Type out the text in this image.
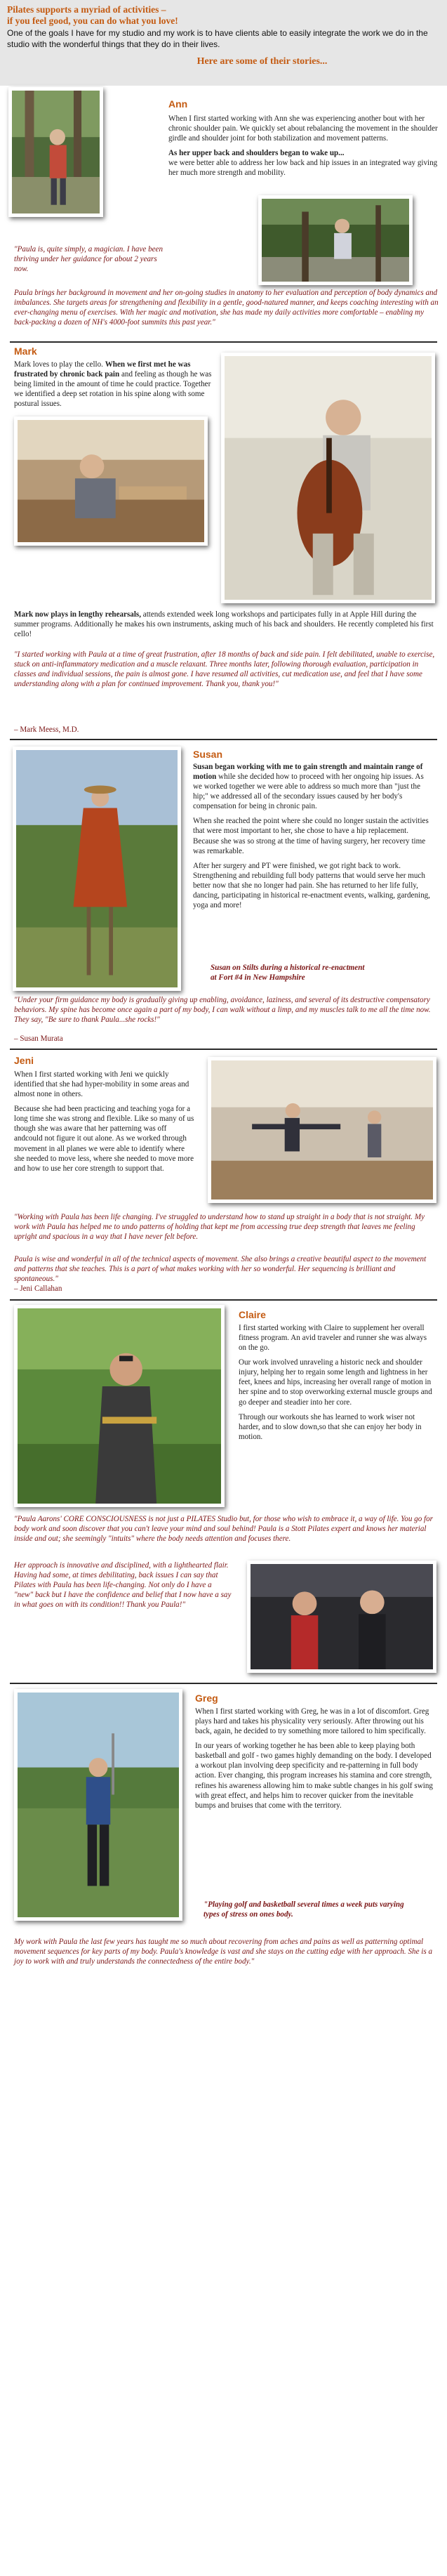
Pilates supports a myriad of activities –
if you feel good, you can do what you love!
One of the goals I have for my studio and my work is to have clients able to easily integrate the work we do in the studio with the wonderful things that they do in their lives.
Here are some of their stories...
Ann

When I first started working with Ann she was experiencing another bout with her chronic shoulder pain. We quickly set about rebalancing the movement in the shoulder girdle and shoulder joint for both stabilization and movement patterns.

As her upper back and shoulders began to wake up...
we were better able to address her low back and hip issues in an integrated way giving her much more strength and mobility.

"Paula is, quite simply, a magician. I have been thriving under her guidance for about 2 years now.
Paula brings her background in movement and her on-going studies in anatomy to her evaluation and perception of body dynamics and imbalances. She targets areas for strengthening and flexibility in a gentle, good-natured manner, and keeps coaching interesting with an ever-changing menu of exercises. With her magic and motivation, she has made my daily activities more comfortable – enabling my back-packing a dozen of NH's 4000-foot summits this past year."
Mark
Mark loves to play the cello. When we first met he was frustrated by chronic back pain and feeling as though he was being limited in the amount of time he could practice. Together we identified a deep set rotation in his spine along with some postural issues.
Mark now plays in lengthy rehearsals, attends extended week long workshops and participates fully in at Apple Hill during the summer programs. Additionally he makes his own instruments, asking much of his back and shoulders. He recently completed his first cello!
"I started working with Paula at a time of great frustration, after 18 months of back and side pain. I felt debilitated, unable to exercise, stuck on anti-inflammatory medication and a muscle relaxant. Three months later, following thorough evaluation, participation in classes and individual sessions, the pain is almost gone. I have resumed all activities, cut medication use, and feel that I have some understanding along with a plan for continued improvement. Thank you, thank you!"
– Mark Meess, M.D.
Susan

Susan began working with me to gain strength and maintain range of motion while she decided how to proceed with her ongoing hip issues. As we worked together we were able to address so much more than "just the hip;" we addressed all of the secondary issues caused by her body's compensation for being in chronic pain.

When she reached the point where she could no longer sustain the activities that were most important to her, she chose to have a hip replacement. Because she was so strong at the time of having surgery, her recovery time was remarkable.

After her surgery and PT were finished, we got right back to work. Strengthening and rebuilding full body patterns that would serve her much better now that she no longer had pain. She has returned to her life fully, dancing, participating in historical re-enactment events, walking, gardening, yoga and more!

Susan on Stilts during a historical re-enactment at Fort #4 in New Hampshire
"Under your firm guidance my body is gradually giving up enabling, avoidance, laziness, and several of its destructive compensatory behaviors. My spine has become once again a part of my body, I can walk without a limp, and my muscles talk to me all the time now. They say, "Be sure to thank Paula...she rocks!"
– Susan Murata
Jeni

When I first started working with Jeni we quickly identified that she had hyper-mobility in some areas and almost none in others.

Because she had been practicing and teaching yoga for a long time she was strong and flexible. Like so many of us though she was aware that her patterning was off andcould not figure it out alone. As we worked through movement in all planes we were able to identify where she needed to move less, where she needed to move more and how to use her core strength to support that.

"Working with Paula has been life changing. I've struggled to understand how to stand up straight in a body that is not straight. My work with Paula has helped me to undo patterns of holding that kept me from accessing true deep strength that leaves me feeling upright and spacious in a way that I have never felt before.
Paula is wise and wonderful in all of the technical aspects of movement. She also brings a creative beautiful aspect to the movement and patterns that she teaches. This is a part of what makes working with her so wonderful. Her sequencing is brilliant and spontaneous."
– Jeni Callahan
Claire

I first started working with Claire to supplement her overall fitness program. An avid traveler and runner she was always on the go.

Our work involved unraveling a historic neck and shoulder injury, helping her to regain some length and lightness in her feet, knees and hips, increasing her overall range of motion in her spine and to stop overworking external muscle groups and go deeper and steadier into her core.

Through our workouts she has learned to work wiser not harder, and to slow down,so that she can enjoy her body in motion.

"Paula Aarons' CORE CONSCIOUSNESS is not just a PILATES Studio but, for those who wish to embrace it, a way of life. You go for body work and soon discover that you can't leave your mind and soul behind! Paula is a Stott Pilates expert and knows her material inside and out; she seemingly "intuits" where the body needs attention and focuses there.
Her approach is innovative and disciplined, with a lighthearted flair. Having had some, at times debilitating, back issues I can say that Pilates with Paula has been life-changing. Not only do I have a "new" back but I have the confidence and belief that I now have a say in what goes on with its condition!! Thank you Paula!"
Greg

When I first started working with Greg, he was in a lot of discomfort. Greg plays hard and takes his physicality very seriously. After throwing out his back, again, he decided to try something more tailored to him specifically.

In our years of working together he has been able to keep playing both basketball and golf - two games highly demanding on the body. I developed a workout plan involving deep specificity and re-patterning in full body action. Ever changing, this program increases his stamina and core strength, refines his awareness allowing him to make subtle changes in his golf swing with great effect, and helps him to recover quicker from the inevitable bumps and bruises that come with the territory.

"Playing golf and basketball several times a week puts varying types of stress on ones body.
My work with Paula the last few years has taught me so much about recovering from aches and pains as well as patterning optimal movement sequences for key parts of my body. Paula's knowledge is vast and she stays on the cutting edge with her approach. She is a joy to work with and truly understands the connectedness of the entire body."
